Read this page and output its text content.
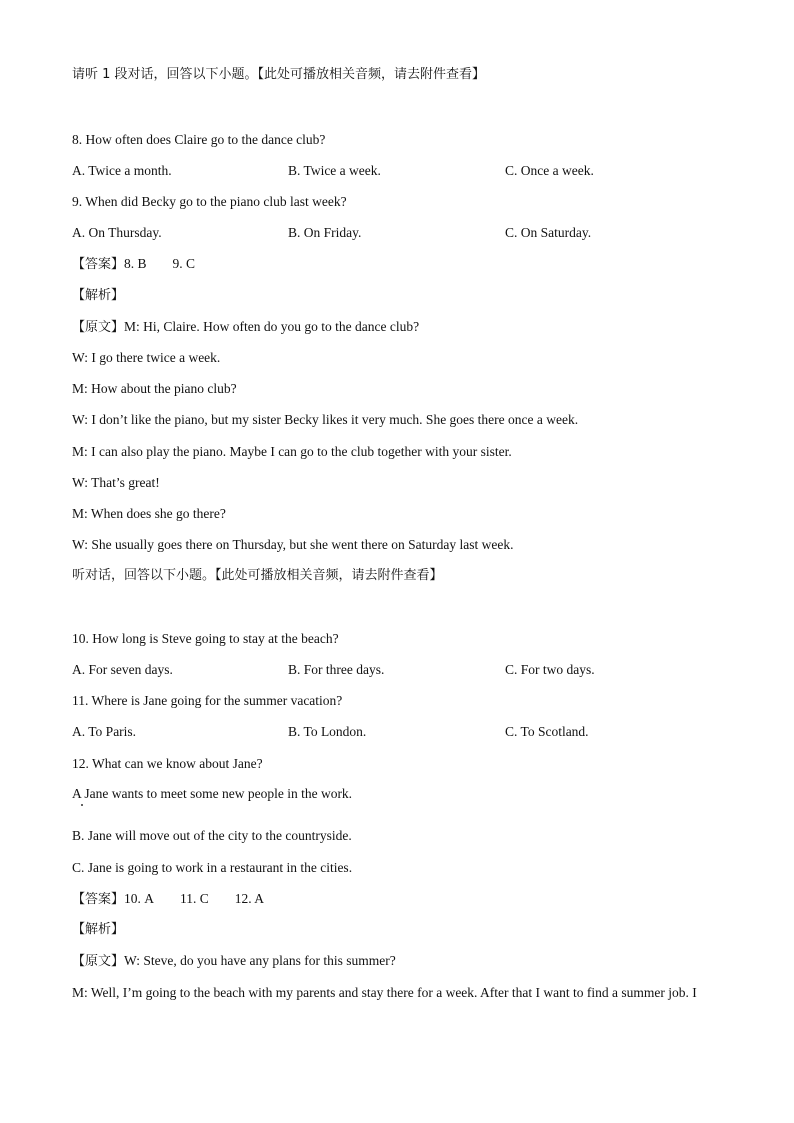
请听 1 段对话，回答以下小题。【此处可播放相关音频，请去附件查看】
8. How often does Claire go to the dance club?
A. Twice a month.	B. Twice a week.	C. Once a week.
9. When did Becky go to the piano club last week?
A. On Thursday.	B. On Friday.	C. On Saturday.
【答案】8. B 9. C
【解析】
【原文】M: Hi, Claire. How often do you go to the dance club?
W: I go there twice a week.
M: How about the piano club?
W: I don’t like the piano, but my sister Becky likes it very much. She goes there once a week.
M: I can also play the piano. Maybe I can go to the club together with your sister.
W: That’s great!
M: When does she go there?
W: She usually goes there on Thursday, but she went there on Saturday last week.
听对话，回答以下小题。【此处可播放相关音频，请去附件查看】
10. How long is Steve going to stay at the beach?
A. For seven days.	B. For three days.	C. For two days.
11. Where is Jane going for the summer vacation?
A. To Paris.	B. To London.	C. To Scotland.
12. What can we know about Jane?
A Jane wants to meet some new people in the work.
B. Jane will move out of the city to the countryside.
C. Jane is going to work in a restaurant in the cities.
【答案】10. A 11. C 12. A
【解析】
【原文】W: Steve, do you have any plans for this summer?
M: Well, I’m going to the beach with my parents and stay there for a week. After that I want to find a summer job. I
